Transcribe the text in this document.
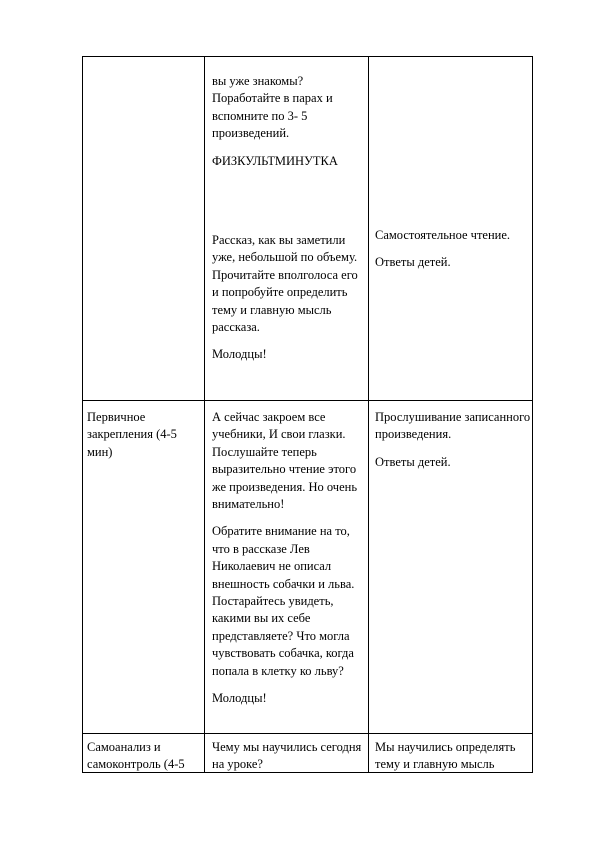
вы уже знакомы? Поработайте в парах и вспомните по 3- 5 произведений.

ФИЗКУЛЬТМИНУТКА

Рассказ, как вы заметили уже, небольшой по объему. Прочитайте вполголоса его и попробуйте определить тему и главную мысль рассказа.

Молодцы!

Самостоятельное чтение.

Ответы детей.

Первичное закрепления (4-5 мин)

А сейчас закроем все учебники, И свои глазки. Послушайте теперь выразительно чтение этого же произведения. Но очень внимательно!

Обратите внимание на то, что в рассказе Лев Николаевич не описал внешность собачки и льва. Постарайтесь увидеть, какими вы их себе представляете? Что могла чувствовать собачка, когда попала в клетку ко льву?

Молодцы!

Прослушивание записанного произведения.

Ответы детей.

Самоанализ и самоконтроль (4-5

Чему мы научились сегодня на уроке?

Мы научились определять тему и главную мысль
